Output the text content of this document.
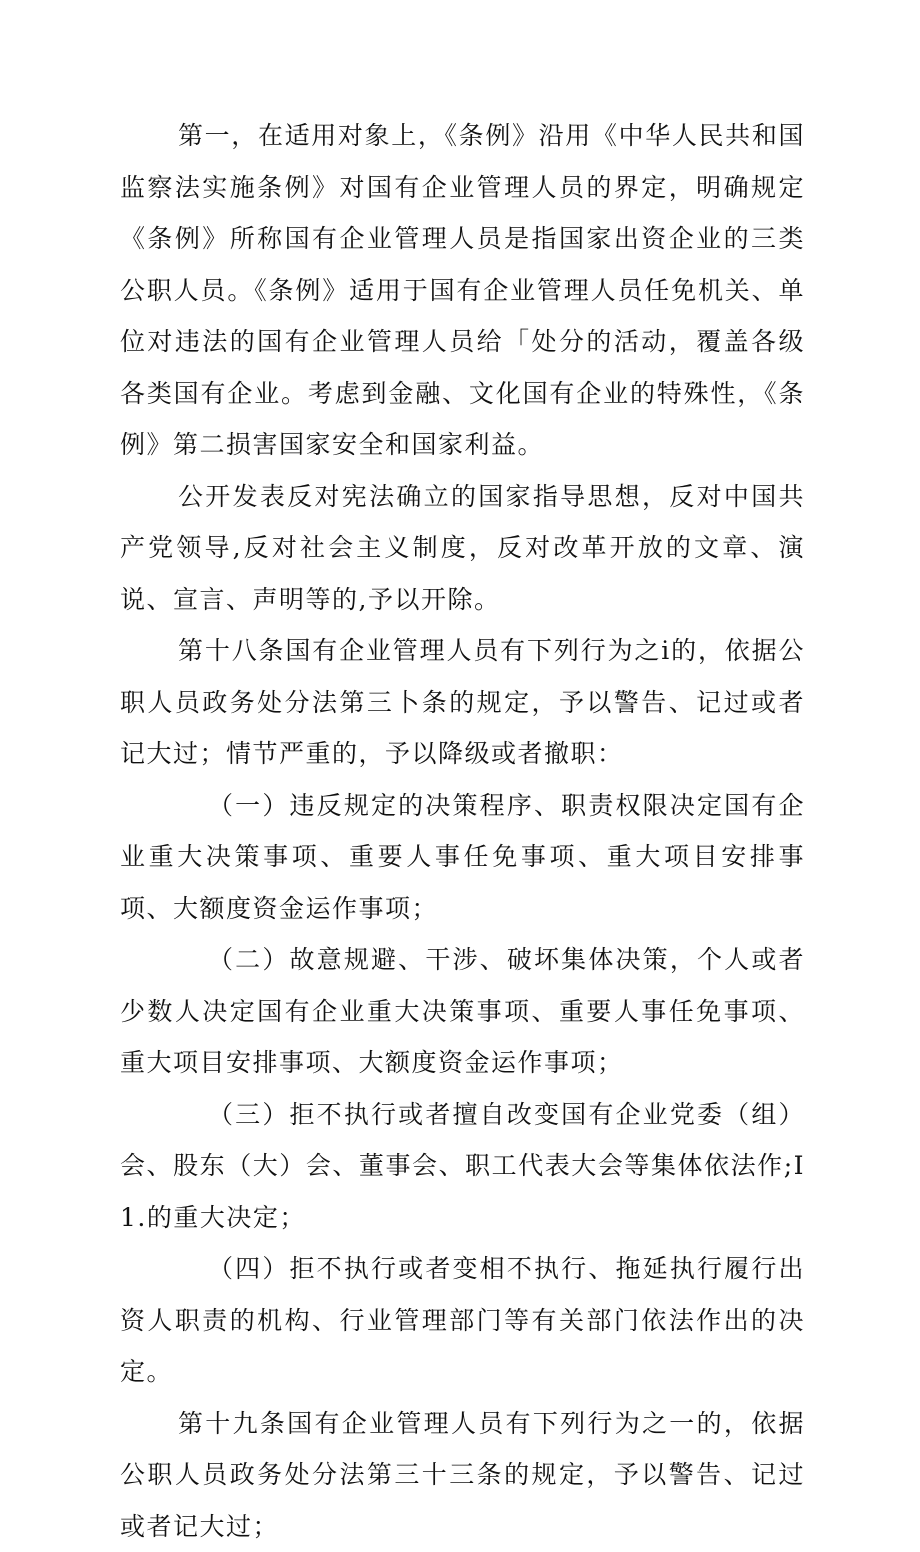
第一，在适用对象上，《条例》沿用《中华人民共和国监察法实施条例》对国有企业管理人员的界定，明确规定《条例》所称国有企业管理人员是指国家出资企业的三类公职人员。《条例》适用于国有企业管理人员任免机关、单位对违法的国有企业管理人员给「处分的活动，覆盖各级各类国有企业。考虑到金融、文化国有企业的特殊性，《条例》第二损害国家安全和国家利益。

公开发表反对宪法确立的国家指导思想，反对中国共产党领导,反对社会主义制度，反对改革开放的文章、演说、宣言、声明等的,予以开除。

第十八条国有企业管理人员有下列行为之i的，依据公职人员政务处分法第三卜条的规定，予以警告、记过或者记大过；情节严重的，予以降级或者撤职：

（一）违反规定的决策程序、职责权限决定国有企业重大决策事项、重要人事任免事项、重大项目安排事项、大额度资金运作事项；

（二）故意规避、干涉、破坏集体决策，个人或者少数人决定国有企业重大决策事项、重要人事任免事项、重大项目安排事项、大额度资金运作事项；

（三）拒不执行或者擅自改变国有企业党委（组）会、股东（大）会、董事会、职工代表大会等集体依法作;I1.的重大决定；

（四）拒不执行或者变相不执行、拖延执行履行出资人职责的机构、行业管理部门等有关部门依法作出的决定。

第十九条国有企业管理人员有下列行为之一的，依据公职人员政务处分法第三十三条的规定，予以警告、记过或者记大过；
